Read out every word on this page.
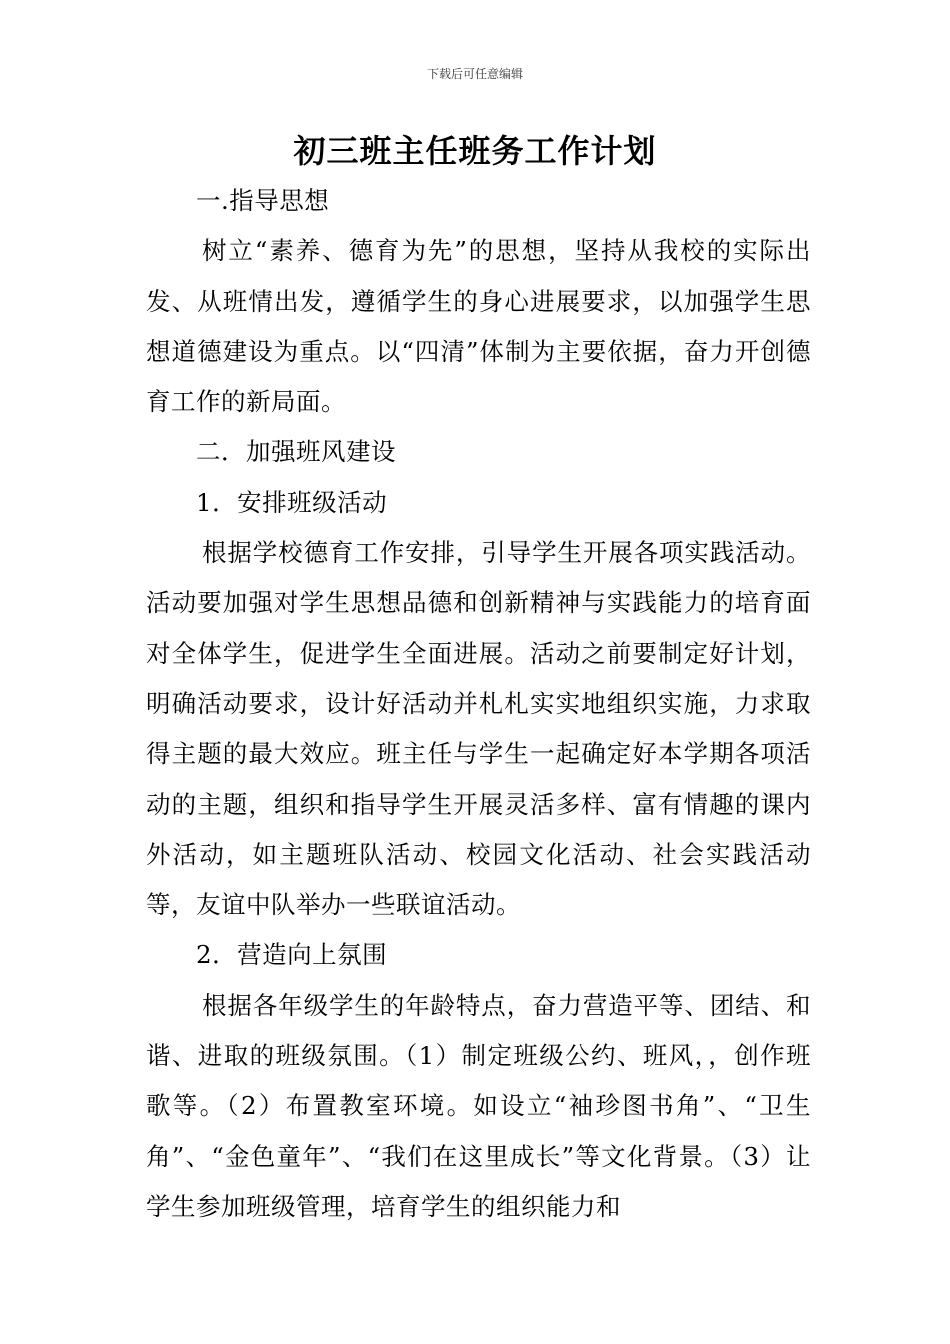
下载后可任意编辑
初三班主任班务工作计划

一.指导思想

树立“素养、德育为先”的思想，坚持从我校的实际出发、从班情出发，遵循学生的身心进展要求，以加强学生思想道德建设为重点。以“四清”体制为主要依据，奋力开创德育工作的新局面。

二．加强班风建设

1．安排班级活动

根据学校德育工作安排，引导学生开展各项实践活动。活动要加强对学生思想品德和创新精神与实践能力的培育面对全体学生，促进学生全面进展。活动之前要制定好计划，明确活动要求，设计好活动并札札实实地组织实施，力求取得主题的最大效应。班主任与学生一起确定好本学期各项活动的主题，组织和指导学生开展灵活多样、富有情趣的课内外活动，如主题班队活动、校园文化活动、社会实践活动等，友谊中队举办一些联谊活动。

2．营造向上氛围

根据各年级学生的年龄特点，奋力营造平等、团结、和谐、进取的班级氛围。（1）制定班级公约、班风，，创作班歌等。（2）布置教室环境。如设立“袖珍图书角”、“卫生角”、“金色童年”、“我们在这里成长”等文化背景。（3）让学生参加班级管理，培育学生的组织能力和
